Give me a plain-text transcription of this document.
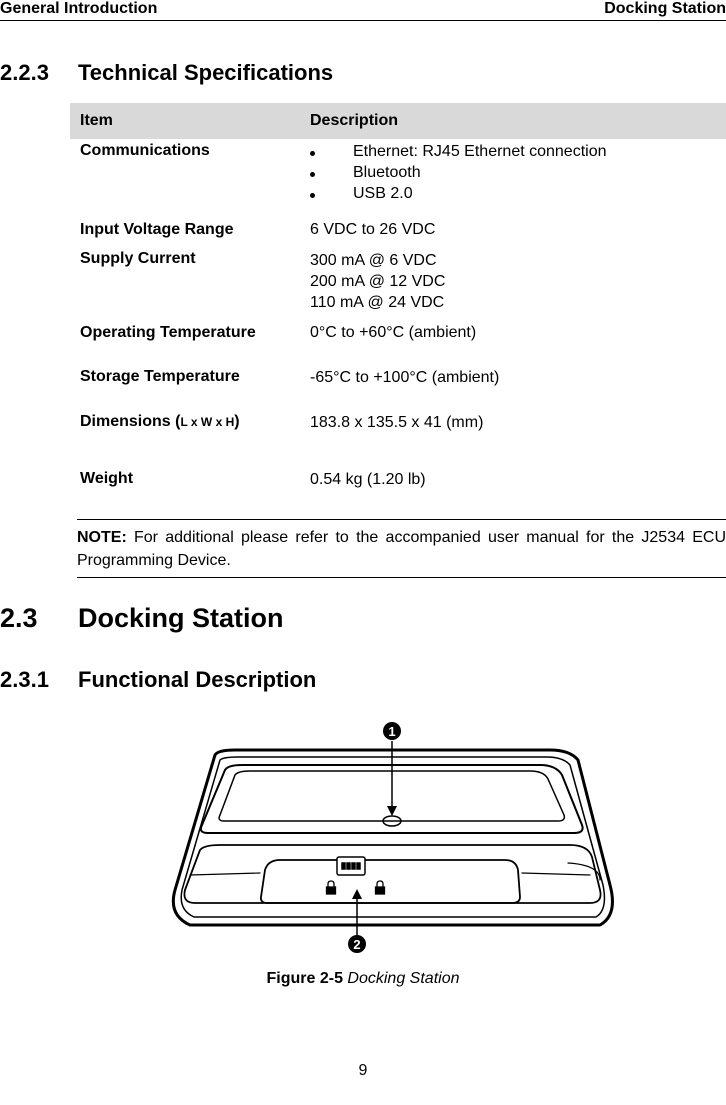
General Introduction	Docking Station
2.2.3 Technical Specifications
Item	Description
Communications	Ethernet: RJ45 Ethernet connection
Bluetooth
USB 2.0
Input Voltage Range	6 VDC to 26 VDC
Supply Current	300 mA @ 6 VDC
200 mA @ 12 VDC
110 mA @ 24 VDC
Operating Temperature	0°C to +60°C (ambient)
Storage Temperature	-65°C to +100°C (ambient)
Dimensions (L x W x H)	183.8 x 135.5 x 41 (mm)
Weight	0.54 kg (1.20 lb)
NOTE: For additional please refer to the accompanied user manual for the J2534 ECU Programming Device.
2.3 Docking Station
2.3.1 Functional Description
1
2
Figure 2-5 Docking Station
9
